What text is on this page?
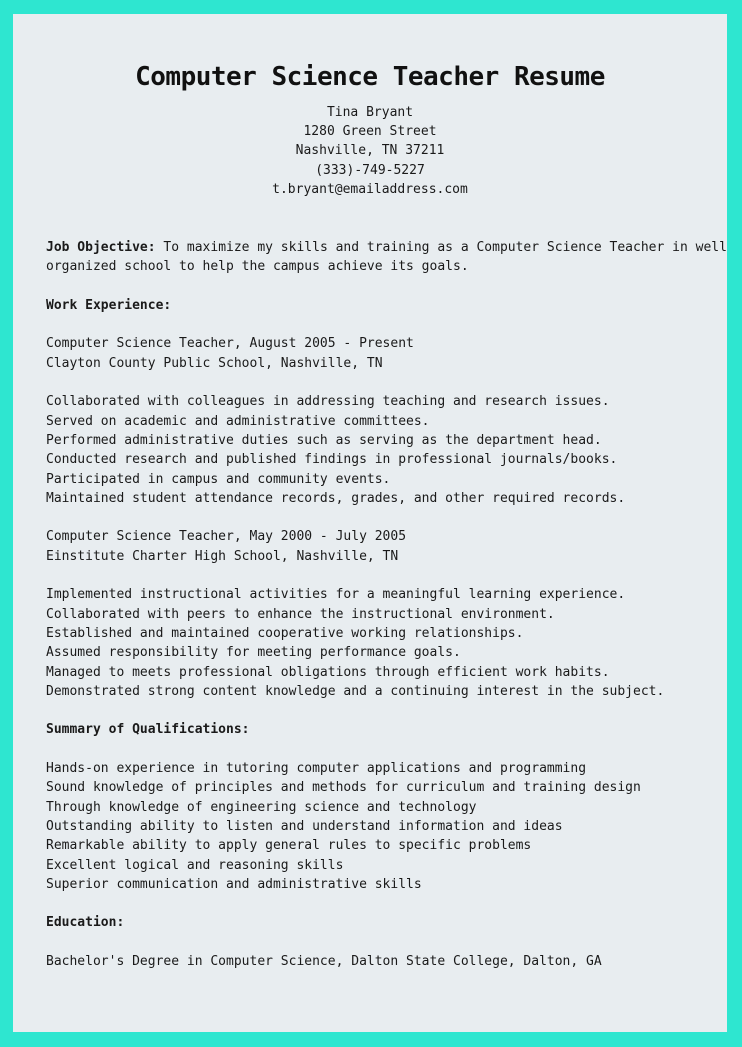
Computer Science Teacher Resume
Tina Bryant
1280 Green Street
Nashville, TN 37211
(333)-749-5227
t.bryant@emailaddress.com
Job Objective: To maximize my skills and training as a Computer Science Teacher in well
organized school to help the campus achieve its goals.
Work Experience:
Computer Science Teacher, August 2005 - Present
Clayton County Public School, Nashville, TN
Collaborated with colleagues in addressing teaching and research issues.
Served on academic and administrative committees.
Performed administrative duties such as serving as the department head.
Conducted research and published findings in professional journals/books.
Participated in campus and community events.
Maintained student attendance records, grades, and other required records.
Computer Science Teacher, May 2000 - July 2005
Einstitute Charter High School, Nashville, TN
Implemented instructional activities for a meaningful learning experience.
Collaborated with peers to enhance the instructional environment.
Established and maintained cooperative working relationships.
Assumed responsibility for meeting performance goals.
Managed to meets professional obligations through efficient work habits.
Demonstrated strong content knowledge and a continuing interest in the subject.
Summary of Qualifications:
Hands-on experience in tutoring computer applications and programming
Sound knowledge of principles and methods for curriculum and training design
Through knowledge of engineering science and technology
Outstanding ability to listen and understand information and ideas
Remarkable ability to apply general rules to specific problems
Excellent logical and reasoning skills
Superior communication and administrative skills
Education:
Bachelor's Degree in Computer Science, Dalton State College, Dalton, GA
